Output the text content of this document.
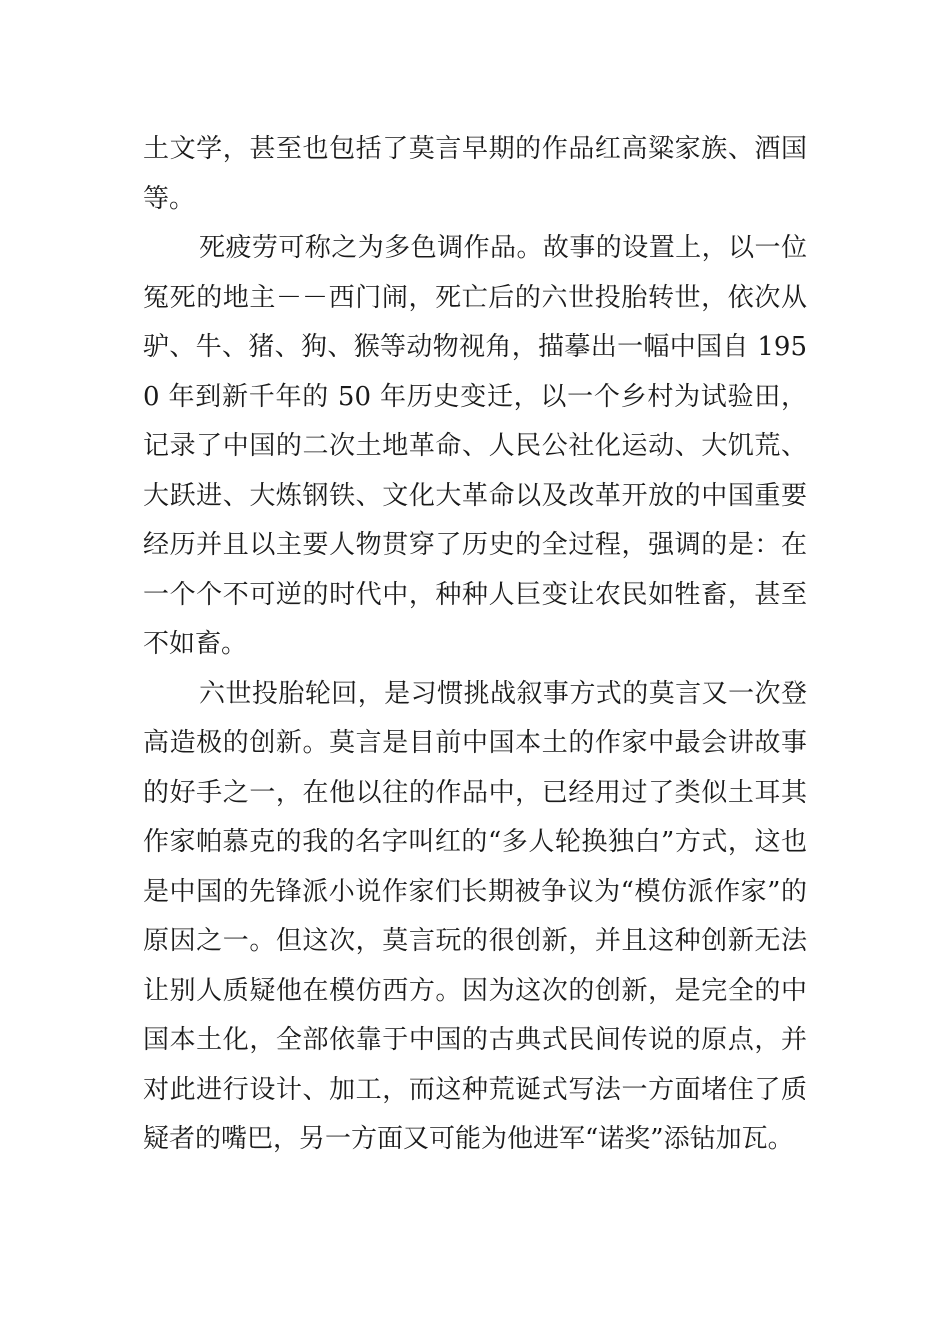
土文学，甚至也包括了莫言早期的作品红高粱家族、酒国等。

死疲劳可称之为多色调作品。故事的设置上，以一位冤死的地主－－西门闹，死亡后的六世投胎转世，依次从驴、牛、猪、狗、猴等动物视角，描摹出一幅中国自 1950 年到新千年的 50 年历史变迁，以一个乡村为试验田，记录了中国的二次土地革命、人民公社化运动、大饥荒、大跃进、大炼钢铁、文化大革命以及改革开放的中国重要经历并且以主要人物贯穿了历史的全过程，强调的是：在一个个不可逆的时代中，种种人巨变让农民如牲畜，甚至不如畜。

六世投胎轮回，是习惯挑战叙事方式的莫言又一次登高造极的创新。莫言是目前中国本土的作家中最会讲故事的好手之一，在他以往的作品中，已经用过了类似土耳其作家帕慕克的我的名字叫红的“多人轮换独白”方式，这也是中国的先锋派小说作家们长期被争议为“模仿派作家”的原因之一。但这次，莫言玩的很创新，并且这种创新无法让别人质疑他在模仿西方。因为这次的创新，是完全的中国本土化，全部依靠于中国的古典式民间传说的原点，并对此进行设计、加工，而这种荒诞式写法一方面堵住了质疑者的嘴巴，另一方面又可能为他进军“诺奖”添钻加瓦。
